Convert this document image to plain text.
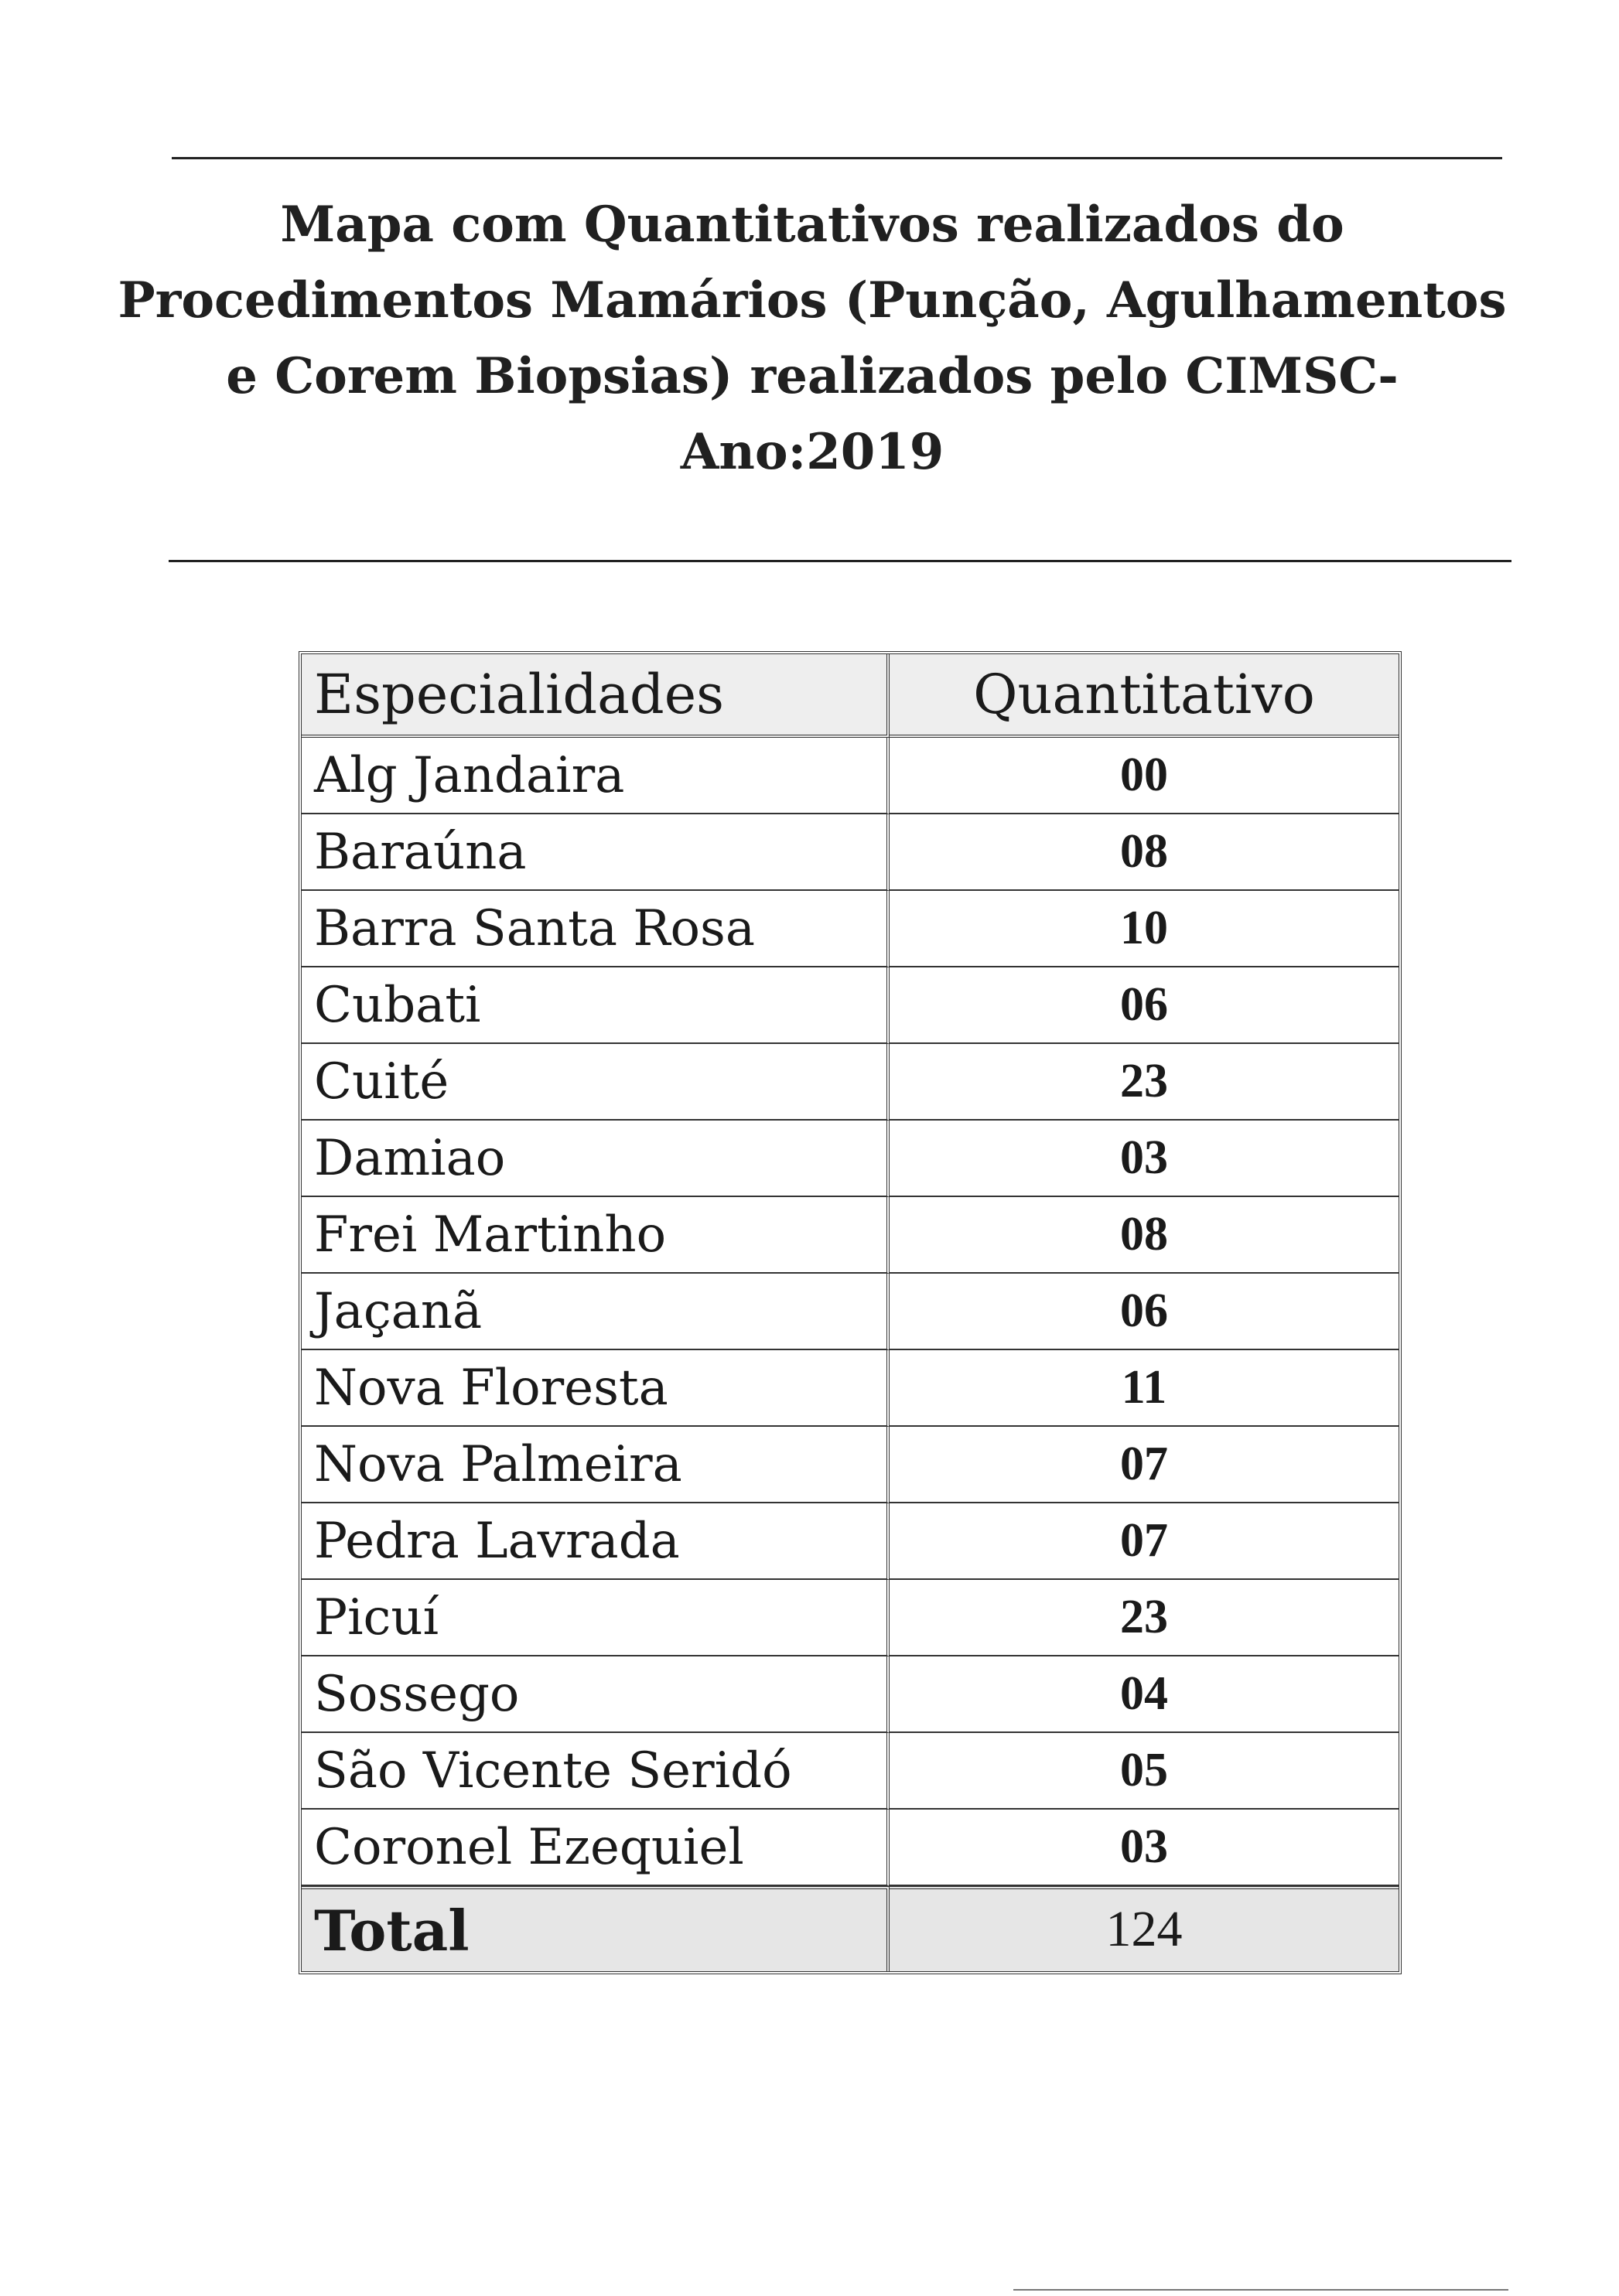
Mapa com Quantitativos realizados do Procedimentos Mamários (Punção, Agulhamentos e Corem Biopsias) realizados pelo CIMSC- Ano:2019
Especialidades	Quantitativo
Alg Jandaira	00
Baraúna	08
Barra Santa Rosa	10
Cubati	06
Cuité	23
Damiao	03
Frei Martinho	08
Jaçanã	06
Nova Floresta	11
Nova Palmeira	07
Pedra Lavrada	07
Picuí	23
Sossego	04
São Vicente Seridó	05
Coronel Ezequiel	03
Total	124
